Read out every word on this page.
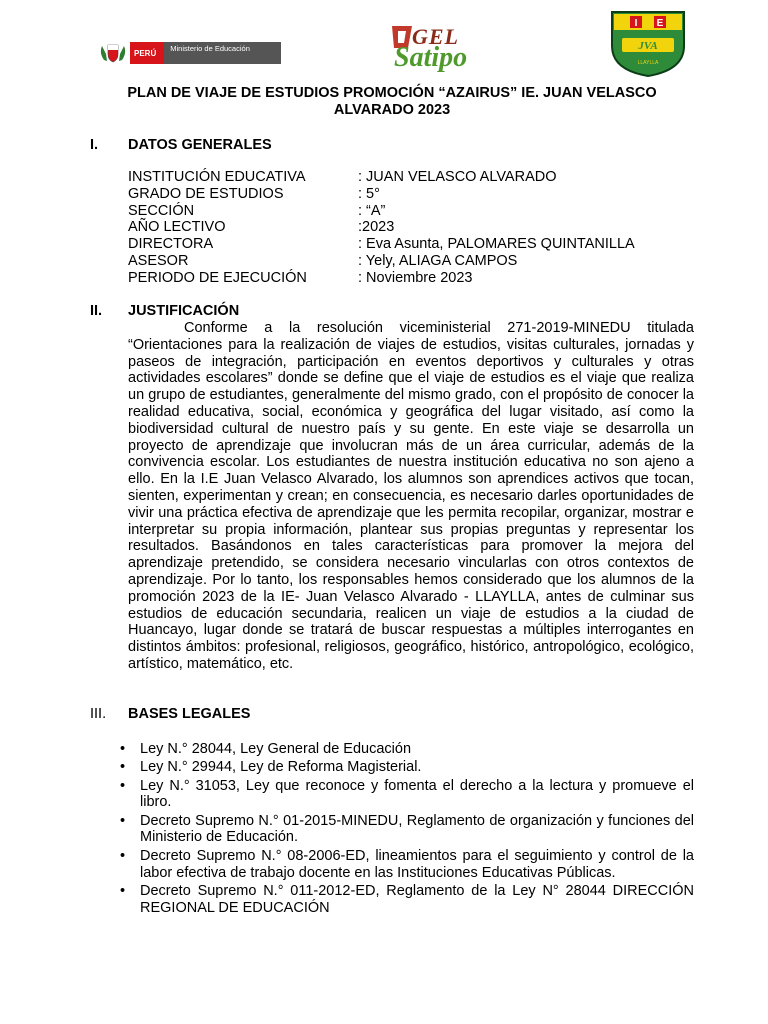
PERÚ	Ministerio de Educación	GEL
Satipo
I E
JVA
LLAYLLA
PLAN DE VIAJE DE ESTUDIOS PROMOCIÓN “AZAIRUS” IE. JUAN VELASCO
ALVARADO 2023
I. DATOS GENERALES
INSTITUCIÓN EDUCATIVA	: JUAN VELASCO ALVARADO
GRADO DE ESTUDIOS	: 5°
SECCIÓN	: “A”
AÑO LECTIVO	:2023
DIRECTORA	: Eva Asunta, PALOMARES QUINTANILLA
ASESOR	: Yely, ALIAGA CAMPOS
PERIODO DE EJECUCIÓN	: Noviembre 2023
II. JUSTIFICACIÓN

Conforme a la resolución viceministerial 271-2019-MINEDU titulada “Orientaciones para la realización de viajes de estudios, visitas culturales, jornadas y paseos de integración, participación en eventos deportivos y culturales y otras actividades escolares” donde se define que el viaje de estudios es el viaje que realiza un grupo de estudiantes, generalmente del mismo grado, con el propósito de conocer la realidad educativa, social, económica y geográfica del lugar visitado, así como la biodiversidad cultural de nuestro país y su gente. En este viaje se desarrolla un proyecto de aprendizaje que involucran más de un área curricular, además de la convivencia escolar. Los estudiantes de nuestra institución educativa no son ajeno a ello. En la I.E Juan Velasco Alvarado, los alumnos son aprendices activos que tocan, sienten, experimentan y crean; en consecuencia, es necesario darles oportunidades de vivir una práctica efectiva de aprendizaje que les permita recopilar, organizar, mostrar e interpretar su propia información, plantear sus propias preguntas y representar los resultados. Basándonos en tales características para promover la mejora del aprendizaje pretendido, se considera necesario vincularlas con otros contextos de aprendizaje. Por lo tanto, los responsables hemos considerado que los alumnos de la promoción 2023 de la IE- Juan Velasco Alvarado - LLAYLLA, antes de culminar sus estudios de educación secundaria, realicen un viaje de estudios a la ciudad de Huancayo, lugar donde se tratará de buscar respuestas a múltiples interrogantes en distintos ámbitos: profesional, religiosos, geográfico, histórico, antropológico, ecológico, artístico, matemático, etc.

III. BASES LEGALES
• Ley N.° 28044, Ley General de Educación
• Ley N.° 29944, Ley de Reforma Magisterial.
• Ley N.° 31053, Ley que reconoce y fomenta el derecho a la lectura y promueve el libro.
• Decreto Supremo N.° 01-2015-MINEDU, Reglamento de organización y funciones del Ministerio de Educación.
• Decreto Supremo N.° 08-2006-ED, lineamientos para el seguimiento y control de la labor efectiva de trabajo docente en las Instituciones Educativas Públicas.
• Decreto Supremo N.° 011-2012-ED, Reglamento de la Ley N° 28044 DIRECCIÓN REGIONAL DE EDUCACIÓN
